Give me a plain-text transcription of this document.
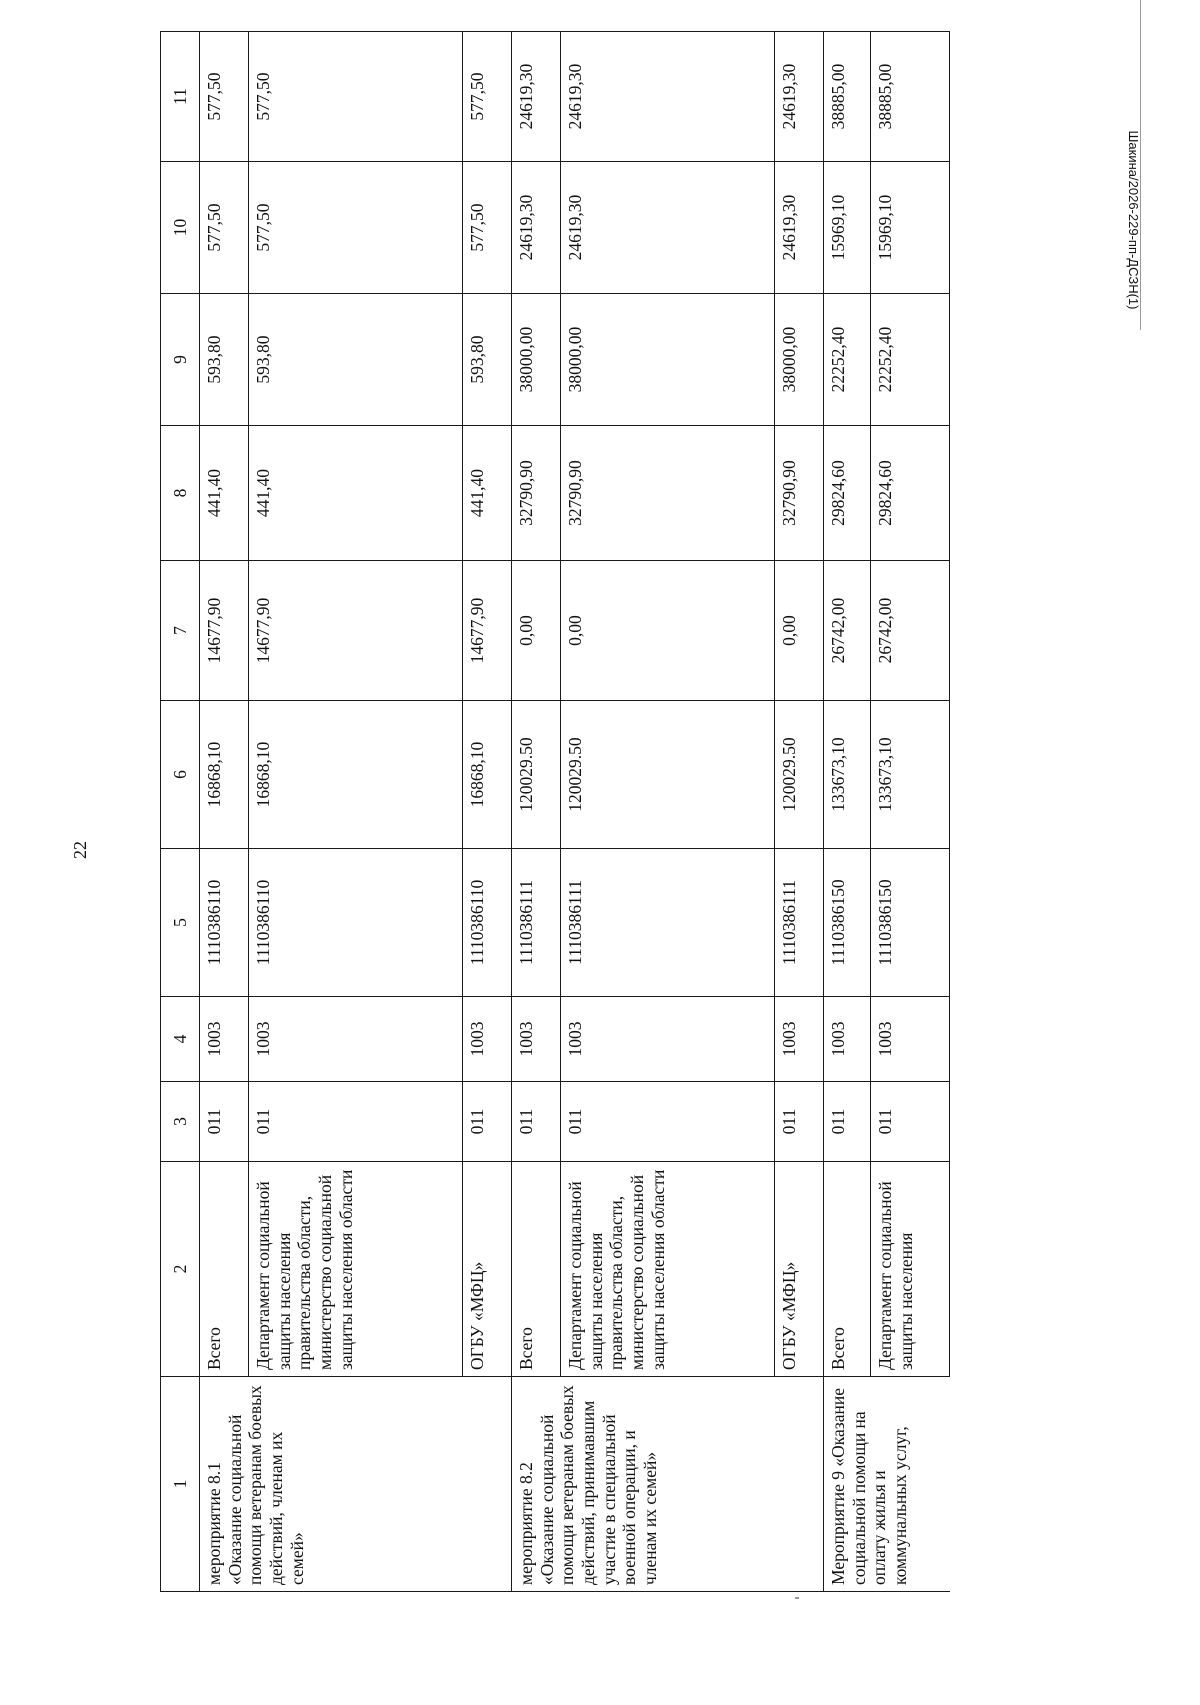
22
Шакина/2026-229-пп-ДСЗН(1)
1	2	3	4	5	6	7	8	9	10	11
мероприятие 8.1 «Оказание социальной помощи ветеранам боевых действий, членам их семей»	Всего	011	1003	1110386110	16868,10	14677,90	441,40	593,80	577,50	577,50
	Департамент социальной защиты населения правительства области, министерство социальной защиты населения области	011	1003	1110386110	16868,10	14677,90	441,40	593,80	577,50	577,50
	ОГБУ «МФЦ»	011	1003	1110386110	16868,10	14677,90	441,40	593,80	577,50	577,50
мероприятие 8.2 «Оказание социальной помощи ветеранам боевых действий, принимавшим участие в специальной военной операции, и членам их семей»	Всего	011	1003	1110386111	120029.50	0,00	32790,90	38000,00	24619,30	24619,30
	Департамент социальной защиты населения правительства области, министерство социальной защиты населения области	011	1003	1110386111	120029.50	0,00	32790,90	38000,00	24619,30	24619,30
	ОГБУ «МФЦ»	011	1003	1110386111	120029.50	0,00	32790,90	38000,00	24619,30	24619,30
Мероприятие 9 «Оказание социальной помощи на оплату жилья и коммунальных услуг,	Всего	011	1003	1110386150	133673,10	26742,00	29824,60	22252,40	15969,10	38885,00
	Департамент социальной защиты населения	011	1003	1110386150	133673,10	26742,00	29824,60	22252,40	15969,10	38885,00
